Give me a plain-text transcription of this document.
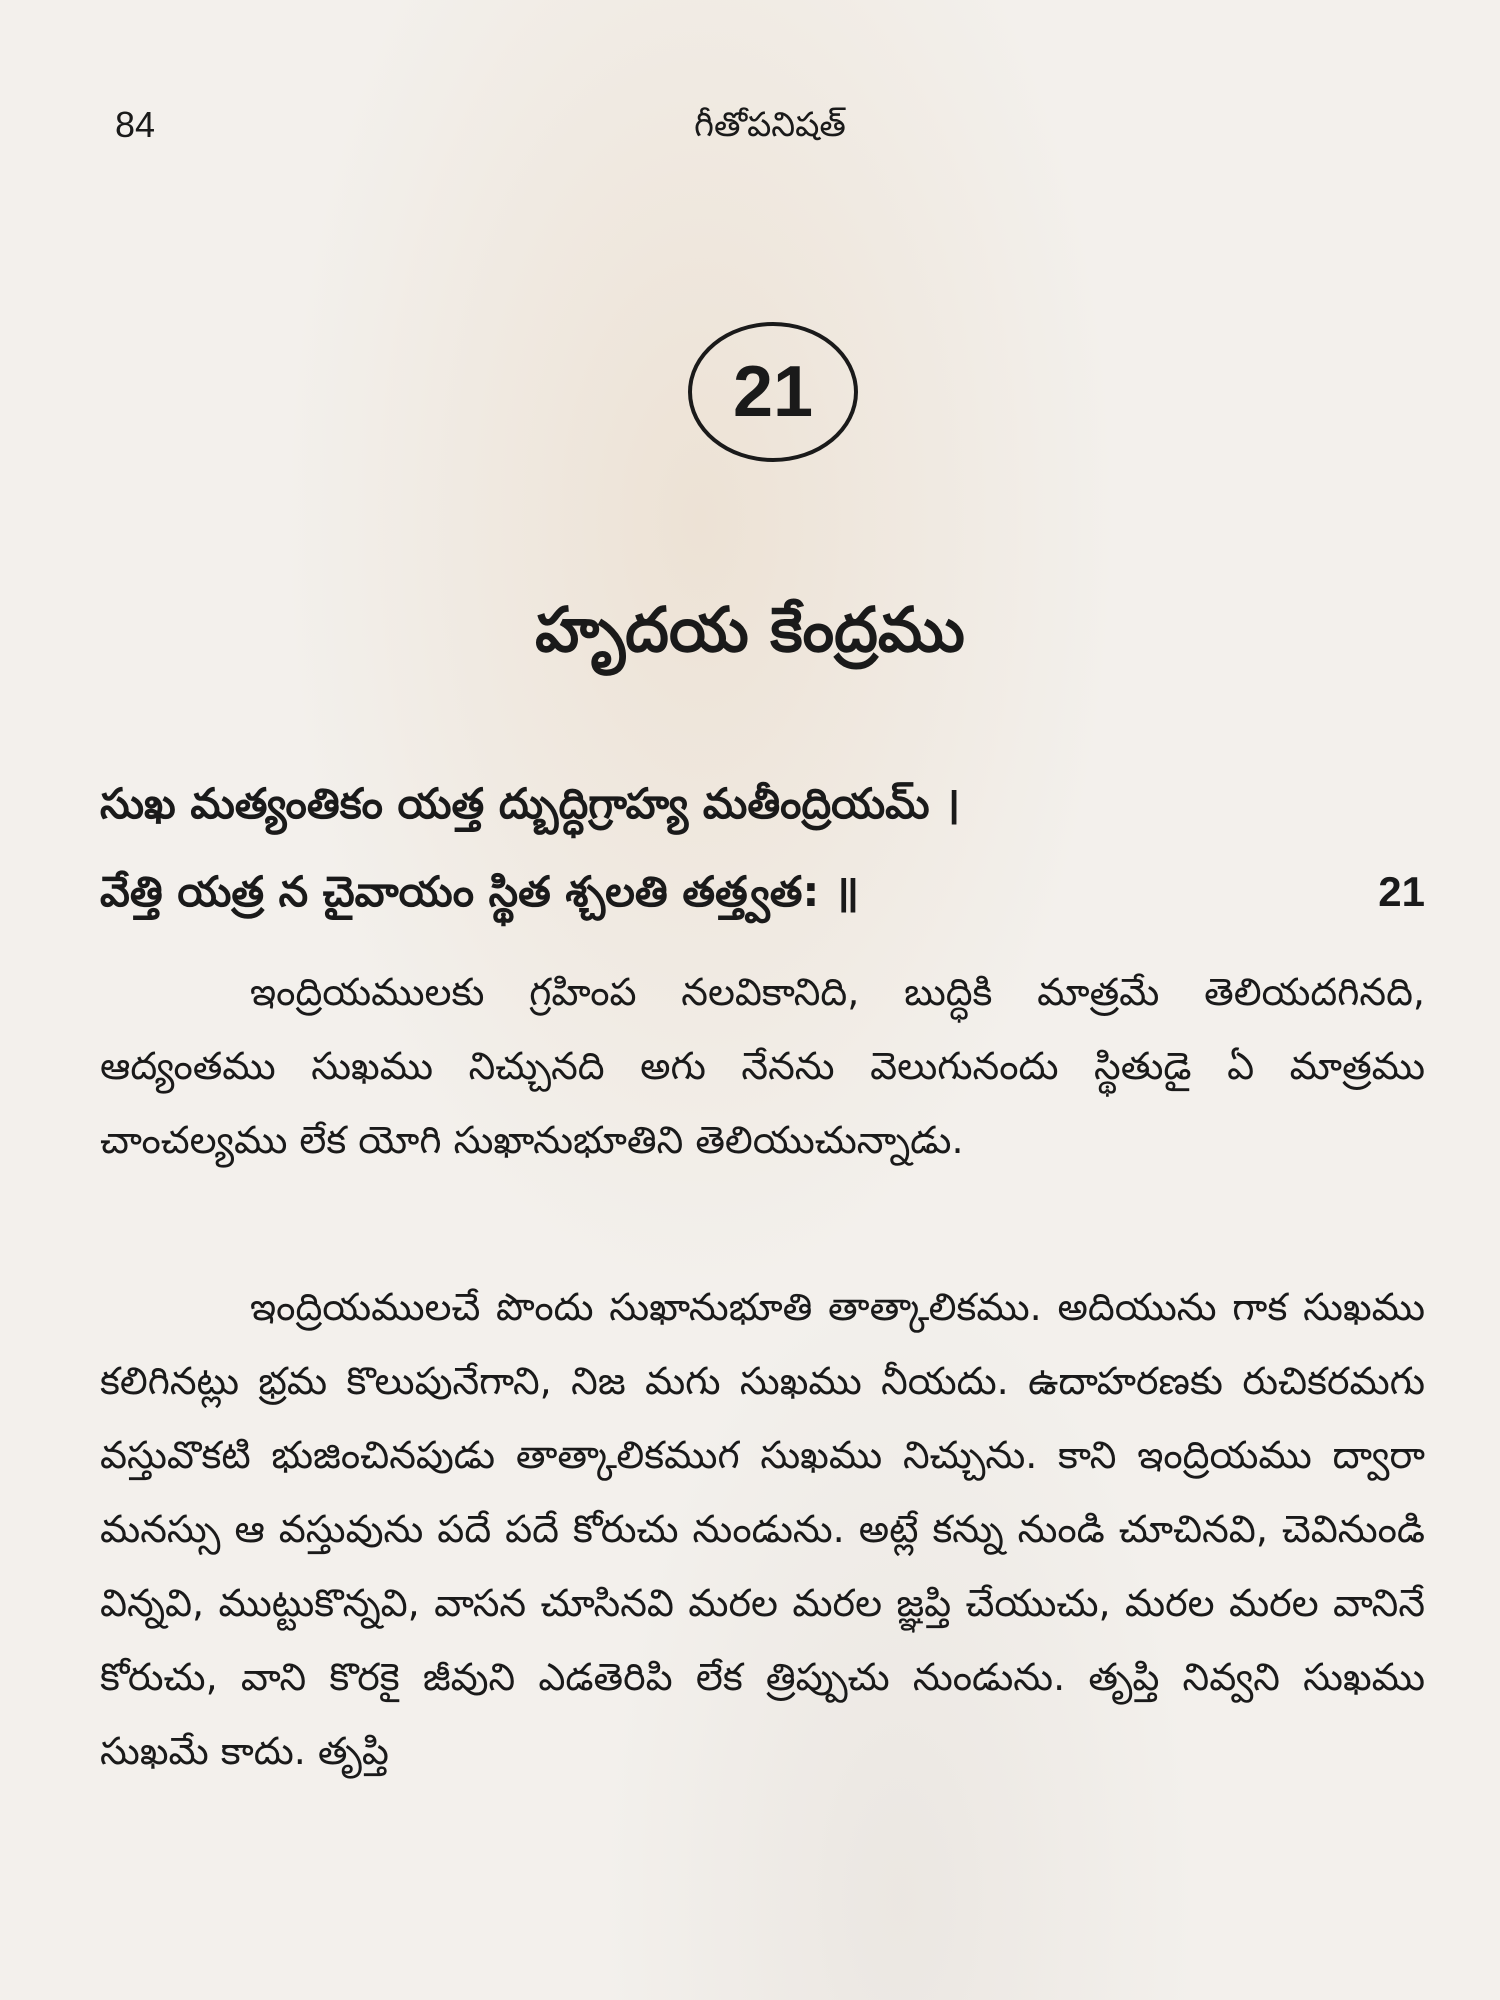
84	గీతోపనిషత్
21
హృదయ కేంద్రము
సుఖ మత్యంతికం యత్త ద్బుద్ధిగ్రాహ్య మతీంద్రియమ్ ।
వేత్తి యత్ర న చైవాయం స్థిత శ్చలతి తత్త్వత: ॥	21

ఇంద్రియములకు గ్రహింప నలవికానిది, బుద్ధికి మాత్రమే తెలియదగినది, ఆద్యంతము సుఖము నిచ్చునది అగు నేనను వెలుగునందు స్థితుడై ఏ మాత్రము చాంచల్యము లేక యోగి సుఖానుభూతిని తెలియుచున్నాడు.

ఇంద్రియములచే పొందు సుఖానుభూతి తాత్కాలికము. అదియును గాక సుఖము కలిగినట్లు భ్రమ కొలుపునేగాని, నిజ మగు సుఖము నీయదు. ఉదాహరణకు రుచికరమగు వస్తువొకటి భుజించినపుడు తాత్కాలికముగ సుఖము నిచ్చును. కాని ఇంద్రియము ద్వారా మనస్సు ఆ వస్తువును పదే పదే కోరుచు నుండును. అట్లే కన్ను నుండి చూచినవి, చెవినుండి విన్నవి, ముట్టుకొన్నవి, వాసన చూసినవి మరల మరల జ్ఞప్తి చేయుచు, మరల మరల వానినే కోరుచు, వాని కొరకై జీవుని ఎడతెరిపి లేక త్రిప్పుచు నుండును. తృప్తి నివ్వని సుఖము సుఖమే కాదు. తృప్తి
